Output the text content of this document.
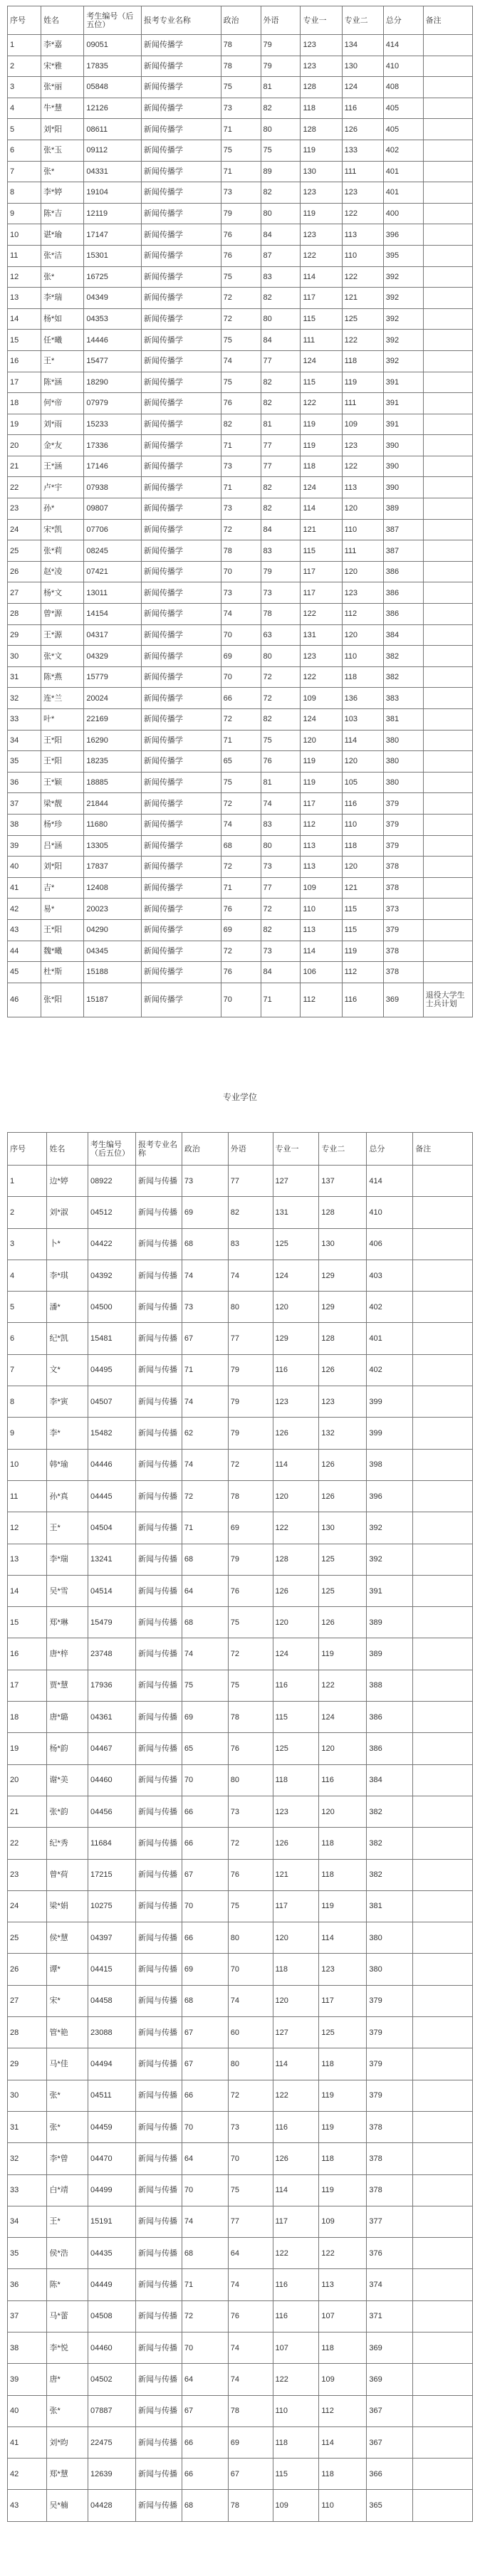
序号	姓名	考生编号（后五位）	报考专业名称	政治	外语	专业一	专业二	总分	备注
1	李*嘉	09051	新闻传播学	78	79	123	134	414	
2	宋*雅	17835	新闻传播学	78	79	123	130	410	
3	张*丽	05848	新闻传播学	75	81	128	124	408	
4	牛*慧	12126	新闻传播学	73	82	118	116	405	
5	刘*阳	08611	新闻传播学	71	80	128	126	405	
6	张*玉	09112	新闻传播学	75	75	119	133	402	
7	张*	04331	新闻传播学	71	89	130	111	401	
8	李*婷	19104	新闻传播学	73	82	123	123	401	
9	陈*吉	12119	新闻传播学	79	80	119	122	400	
10	谌*瑜	17147	新闻传播学	76	84	123	113	396	
11	张*洁	15301	新闻传播学	76	87	122	110	395	
12	张*	16725	新闻传播学	75	83	114	122	392	
13	李*瑞	04349	新闻传播学	72	82	117	121	392	
14	杨*如	04353	新闻传播学	72	80	115	125	392	
15	任*曦	14446	新闻传播学	75	84	111	122	392	
16	王*	15477	新闻传播学	74	77	124	118	392	
17	陈*涵	18290	新闻传播学	75	82	115	119	391	
18	何*帝	07979	新闻传播学	76	82	122	111	391	
19	刘*雨	15233	新闻传播学	82	81	119	109	391	
20	金*友	17336	新闻传播学	71	77	119	123	390	
21	王*涵	17146	新闻传播学	73	77	118	122	390	
22	卢*宇	07938	新闻传播学	71	82	124	113	390	
23	孙*	09807	新闻传播学	73	82	114	120	389	
24	宋*凯	07706	新闻传播学	72	84	121	110	387	
25	张*莉	08245	新闻传播学	78	83	115	111	387	
26	赵*凌	07421	新闻传播学	70	79	117	120	386	
27	杨*文	13011	新闻传播学	73	73	117	123	386	
28	曾*源	14154	新闻传播学	74	78	122	112	386	
29	王*源	04317	新闻传播学	70	63	131	120	384	
30	张*文	04329	新闻传播学	69	80	123	110	382	
31	陈*燕	15779	新闻传播学	70	72	122	118	382	
32	连*兰	20024	新闻传播学	66	72	109	136	383	
33	叶*	22169	新闻传播学	72	82	124	103	381	
34	王*阳	16290	新闻传播学	71	75	120	114	380	
35	王*阳	18235	新闻传播学	65	76	119	120	380	
36	王*颖	18885	新闻传播学	75	81	119	105	380	
37	梁*靓	21844	新闻传播学	72	74	117	116	379	
38	杨*珍	11680	新闻传播学	74	83	112	110	379	
39	吕*涵	13305	新闻传播学	68	80	113	118	379	
40	刘*阳	17837	新闻传播学	72	73	113	120	378	
41	吉*	12408	新闻传播学	71	77	109	121	378	
42	易*	20023	新闻传播学	76	72	110	115	373	
43	王*阳	04290	新闻传播学	69	82	113	115	379	
44	魏*曦	04345	新闻传播学	72	73	114	119	378	
45	杜*斯	15188	新闻传播学	76	84	106	112	378	
46	张*阳	15187	新闻传播学	70	71	112	116	369	退役大学生士兵计划
专业学位
序号	姓名	考生编号（后五位）	报考专业名称	政治	外语	专业一	专业二	总分	备注
1	边*婷	08922	新闻与传播	73	77	127	137	414	
2	刘*淑	04512	新闻与传播	69	82	131	128	410	
3	卜*	04422	新闻与传播	68	83	125	130	406	
4	李*琪	04392	新闻与传播	74	74	124	129	403	
5	潘*	04500	新闻与传播	73	80	120	129	402	
6	纪*凯	15481	新闻与传播	67	77	129	128	401	
7	文*	04495	新闻与传播	71	79	116	126	402	
8	李*寅	04507	新闻与传播	74	79	123	123	399	
9	李*	15482	新闻与传播	62	79	126	132	399	
10	韩*瑜	04446	新闻与传播	74	72	114	126	398	
11	孙*真	04445	新闻与传播	72	78	120	126	396	
12	王*	04504	新闻与传播	71	69	122	130	392	
13	李*瑞	13241	新闻与传播	68	79	128	125	392	
14	吴*雪	04514	新闻与传播	64	76	126	125	391	
15	郑*琳	15479	新闻与传播	68	75	120	126	389	
16	唐*梓	23748	新闻与传播	74	72	124	119	389	
17	贾*慧	17936	新闻与传播	75	75	116	122	388	
18	唐*璐	04361	新闻与传播	69	78	115	124	386	
19	杨*韵	04467	新闻与传播	65	76	125	120	386	
20	谢*美	04460	新闻与传播	70	80	118	116	384	
21	张*韵	04456	新闻与传播	66	73	123	120	382	
22	纪*秀	11684	新闻与传播	66	72	126	118	382	
23	曾*荷	17215	新闻与传播	67	76	121	118	382	
24	梁*娟	10275	新闻与传播	70	75	117	119	381	
25	侯*慧	04397	新闻与传播	66	80	120	114	380	
26	谭*	04415	新闻与传播	69	70	118	123	380	
27	宋*	04458	新闻与传播	68	74	120	117	379	
28	管*艳	23088	新闻与传播	67	60	127	125	379	
29	马*佳	04494	新闻与传播	67	80	114	118	379	
30	张*	04511	新闻与传播	66	72	122	119	379	
31	张*	04459	新闻与传播	70	73	116	119	378	
32	李*曾	04470	新闻与传播	64	70	126	118	378	
33	白*靖	04499	新闻与传播	70	75	114	119	378	
34	王*	15191	新闻与传播	74	77	117	109	377	
35	侯*浩	04435	新闻与传播	68	64	122	122	376	
36	陈*	04449	新闻与传播	71	74	116	113	374	
37	马*蕾	04508	新闻与传播	72	76	116	107	371	
38	李*悦	04460	新闻与传播	70	74	107	118	369	
39	唐*	04502	新闻与传播	64	74	122	109	369	
40	张*	07887	新闻与传播	67	78	110	112	367	
41	刘*昀	22475	新闻与传播	66	69	118	114	367	
42	郑*慧	12639	新闻与传播	66	67	115	118	366	
43	吴*楠	04428	新闻与传播	68	78	109	110	365	
